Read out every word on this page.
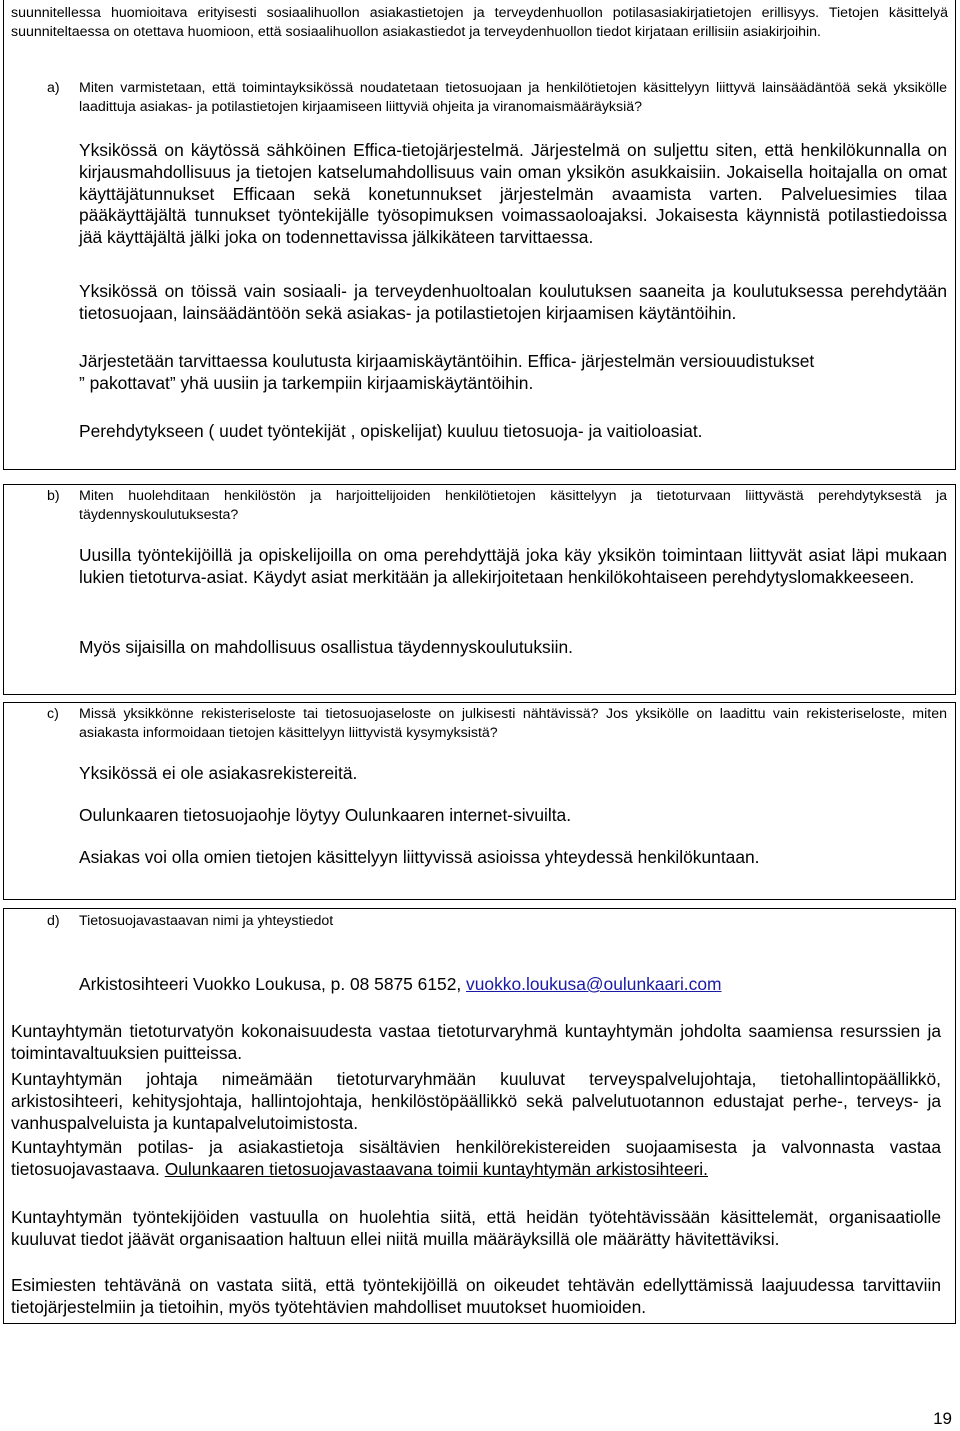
suunnitellessa huomioitava erityisesti sosiaalihuollon asiakastietojen ja terveydenhuollon potilasasiakirjatietojen erillisyys. Tietojen käsittelyä suunniteltaessa on otettava huomioon, että sosiaalihuollon asiakastiedot ja terveydenhuollon tiedot kirjataan erillisiin asiakirjoihin.

a) Miten varmistetaan, että toimintayksikössä noudatetaan tietosuojaan ja henkilötietojen käsittelyyn liittyvä lainsäädäntöä sekä yksikölle laadittuja asiakas- ja potilastietojen kirjaamiseen liittyviä ohjeita ja viranomaismääräyksiä?

Yksikössä on käytössä sähköinen Effica-tietojärjestelmä. Järjestelmä on suljettu siten, että henkilökunnalla on kirjausmahdollisuus ja tietojen katselumahdollisuus vain oman yksikön asukkaisiin. Jokaisella hoitajalla on omat käyttäjätunnukset Efficaan sekä konetunnukset järjestelmän avaamista varten. Palveluesimies tilaa pääkäyttäjältä tunnukset työntekijälle työsopimuksen voimassaoloajaksi. Jokaisesta käynnistä potilastiedoissa jää käyttäjältä jälki joka on todennettavissa jälkikäteen tarvittaessa.

Yksikössä on töissä vain sosiaali- ja terveydenhuoltoalan koulutuksen saaneita ja koulutuksessa perehdytään tietosuojaan, lainsäädäntöön sekä asiakas- ja potilastietojen kirjaamisen käytäntöihin.

Järjestetään tarvittaessa koulutusta kirjaamiskäytäntöihin. Effica- järjestelmän versiouudistukset

” pakottavat” yhä uusiin ja tarkempiin kirjaamiskäytäntöihin.

Perehdytykseen ( uudet työntekijät , opiskelijat) kuuluu tietosuoja- ja vaitioloasiat.

b) Miten huolehditaan henkilöstön ja harjoittelijoiden henkilötietojen käsittelyyn ja tietoturvaan liittyvästä perehdytyksestä ja täydennyskoulutuksesta?

Uusilla työntekijöillä ja opiskelijoilla on oma perehdyttäjä joka käy yksikön toimintaan liittyvät asiat läpi mukaan lukien tietoturva-asiat. Käydyt asiat merkitään ja allekirjoitetaan henkilökohtaiseen perehdytyslomakkeeseen.

Myös sijaisilla on mahdollisuus osallistua täydennyskoulutuksiin.

c) Missä yksikkönne rekisteriseloste tai tietosuojaseloste on julkisesti nähtävissä? Jos yksikölle on laadittu vain rekisteriseloste, miten asiakasta informoidaan tietojen käsittelyyn liittyvistä kysymyksistä?

Yksikössä ei ole asiakasrekistereitä.

Oulunkaaren tietosuojaohje löytyy Oulunkaaren internet-sivuilta.

Asiakas voi olla omien tietojen käsittelyyn liittyvissä asioissa yhteydessä henkilökuntaan.

d) Tietosuojavastaavan nimi ja yhteystiedot

Arkistosihteeri Vuokko Loukusa, p. 08 5875 6152, vuokko.loukusa@oulunkaari.com

Kuntayhtymän tietoturvatyön kokonaisuudesta vastaa tietoturvaryhmä kuntayhtymän johdolta saamiensa resurssien ja toimintavaltuuksien puitteissa.

Kuntayhtymän johtaja nimeämään tietoturvaryhmään kuuluvat terveyspalvelujohtaja, tietohallintopäällikkö, arkistosihteeri, kehitysjohtaja, hallintojohtaja, henkilöstöpäällikkö sekä palvelutuotannon edustajat perhe-, terveys- ja vanhuspalveluista ja kuntapalvelutoimistosta.

Kuntayhtymän potilas- ja asiakastietoja sisältävien henkilörekistereiden suojaamisesta ja valvonnasta vastaa tietosuojavastaava. Oulunkaaren tietosuojavastaavana toimii kuntayhtymän arkistosihteeri.

Kuntayhtymän työntekijöiden vastuulla on huolehtia siitä, että heidän työtehtävissään käsittelemät, organisaatiolle kuuluvat tiedot jäävät organisaation haltuun ellei niitä muilla määräyksillä ole määrätty hävitettäviksi.

Esimiesten tehtävänä on vastata siitä, että työntekijöillä on oikeudet tehtävän edellyttämissä laajuudessa tarvittaviin tietojärjestelmiin ja tietoihin, myös työtehtävien mahdolliset muutokset huomioiden.

19
